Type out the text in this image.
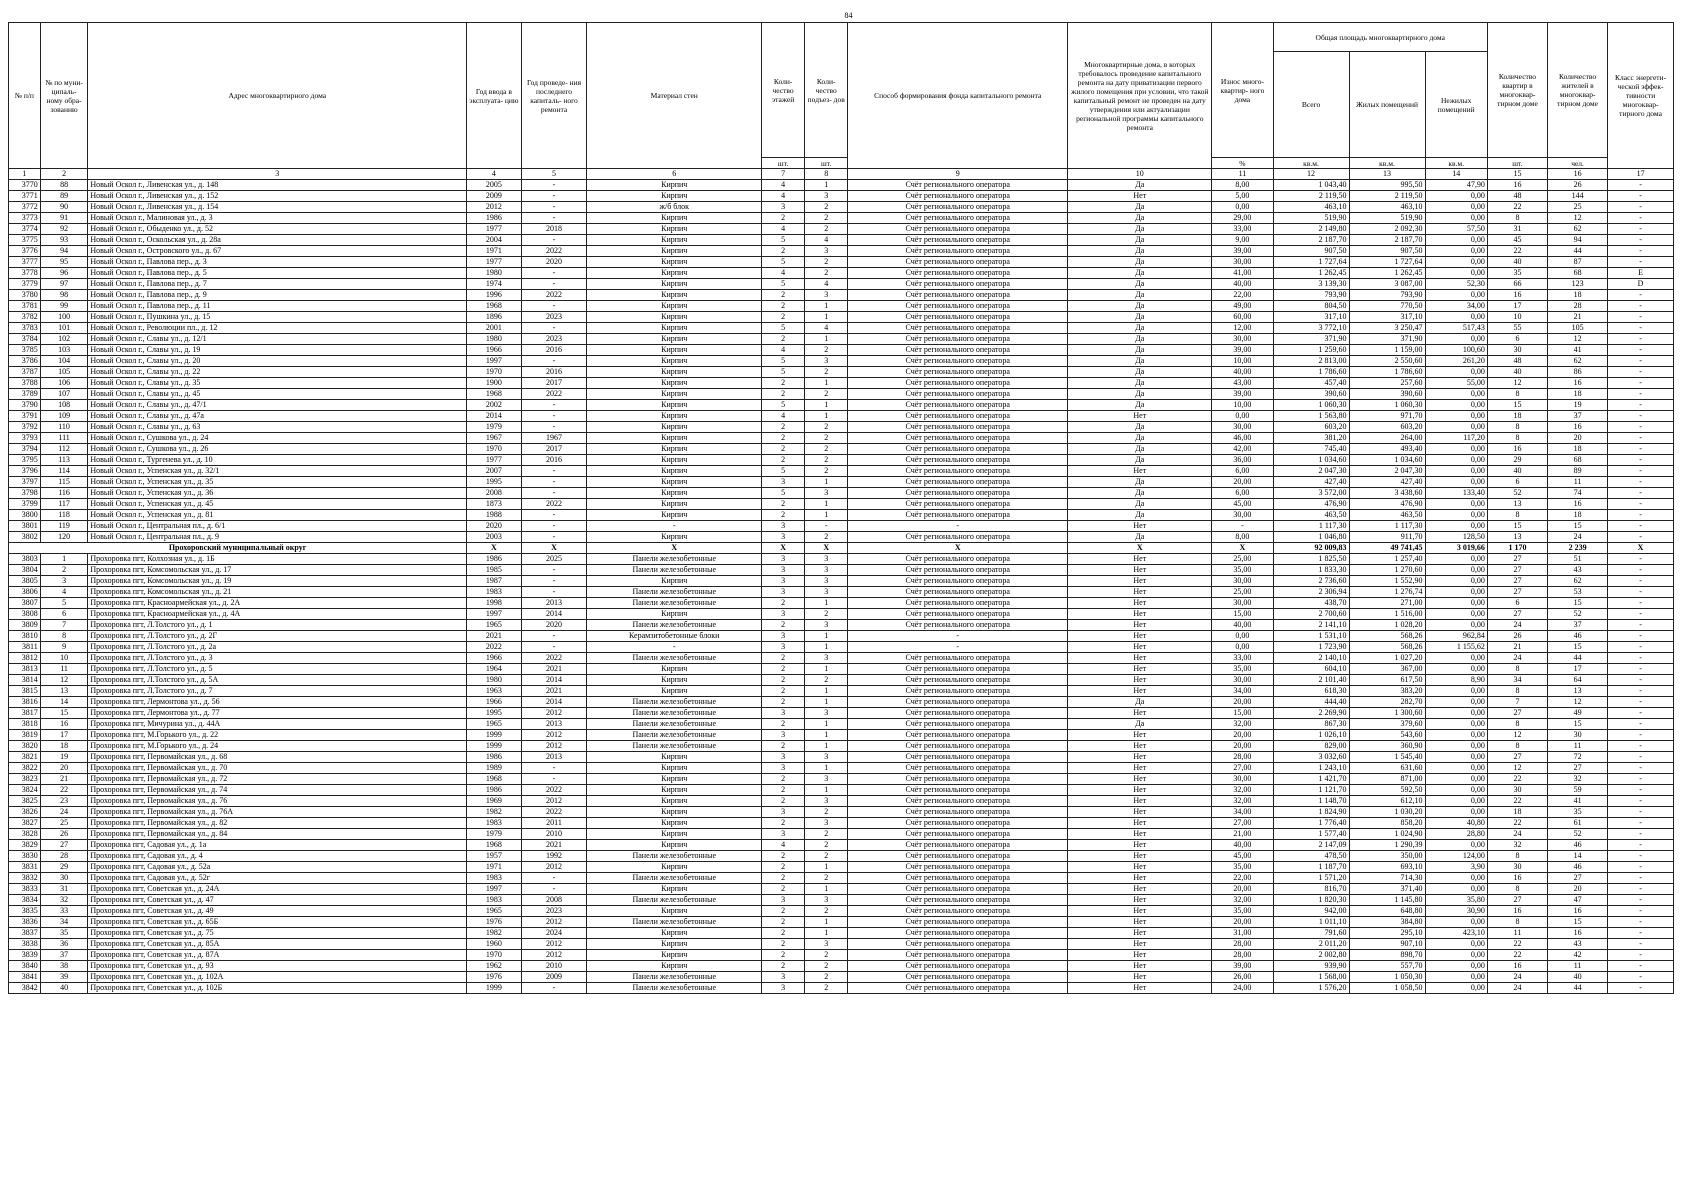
84
№ п/п	№ по муни- ципаль- ному обра- зованию	Адрес многоквартирного дома	Год ввода в эксплуата- цию	Год проведе- ния последнего капиталь- ного ремонта	Материал стен	Коли- чество этажей	Коли- чество подъез- дов	Способ формирования фонда капитального ремонта	Многоквартирные дома, в которых требовалось проведение капитального ремонта на дату приватизации первого жилого помещения при условии, что такой капитальный ремонт не проведен на дату утверждения или актуализации региональной программы капитального ремонта	Износ много- квартир- ного дома	Общая площадь многоквартирного дома			Количество квартир в многоквар- тирном доме	Количество жителей в многоквар- тирном доме	Класс энергети- ческой эффек- тивности многоквар- тирного дома
											Всего	Жилых помещений	Нежилых помещений			
						шт.	шт.			%	кв.м.	кв.м.	кв.м.	шт.	чел.	
1	2	3	4	5	6	7	8	9	10	11	12	13	14	15	16	17
3770	88	Новый Оскол г., Ливенская ул., д. 148	2005	-	Кирпич	4	1	Счёт регионального оператора	Да	8,00	1 043,40	995,50	47,90	16	26	-
3771	89	Новый Оскол г., Ливенская ул., д. 152	2009	-	Кирпич	4	3	Счёт регионального оператора	Нет	5,00	2 119,50	2 119,50	0,00	48	144	-
3772	90	Новый Оскол г., Ливенская ул., д. 154	2012	-	ж/б блок	3	2	Счёт регионального оператора	Да	0,00	463,10	463,10	0,00	22	25	-
3773	91	Новый Оскол г., Малиновая ул., д. 3	1986	-	Кирпич	2	2	Счёт регионального оператора	Да	29,00	519,90	519,90	0,00	8	12	-
3774	92	Новый Оскол г., Обыденко ул., д. 52	1977	2018	Кирпич	4	2	Счёт регионального оператора	Да	33,00	2 149,80	2 092,30	57,50	31	62	-
3775	93	Новый Оскол г., Оскольская ул., д. 28а	2004	-	Кирпич	5	4	Счёт регионального оператора	Да	9,00	2 187,70	2 187,70	0,00	45	94	-
3776	94	Новый Оскол г., Островского ул., д. 67	1971	2022	Кирпич	2	3	Счёт регионального оператора	Да	39,00	907,50	907,50	0,00	22	44	-
3777	95	Новый Оскол г., Павлова пер., д. 3	1977	2020	Кирпич	5	2	Счёт регионального оператора	Да	30,00	1 727,64	1 727,64	0,00	40	87	-
3778	96	Новый Оскол г., Павлова пер., д. 5	1980	-	Кирпич	4	2	Счёт регионального оператора	Да	41,00	1 262,45	1 262,45	0,00	35	68	E
3779	97	Новый Оскол г., Павлова пер., д. 7	1974	-	Кирпич	5	4	Счёт регионального оператора	Да	40,00	3 139,30	3 087,00	52,30	66	123	D
3780	98	Новый Оскол г., Павлова пер., д. 9	1996	2022	Кирпич	2	3	Счёт регионального оператора	Да	22,00	793,90	793,90	0,00	16	18	-
3781	99	Новый Оскол г., Павлова пер., д. 11	1968	-	Кирпич	2	1	Счёт регионального оператора	Да	49,00	804,50	770,50	34,00	17	28	-
3782	100	Новый Оскол г., Пушкина ул., д. 15	1896	2023	Кирпич	2	1	Счёт регионального оператора	Да	60,00	317,10	317,10	0,00	10	21	-
3783	101	Новый Оскол г., Революции пл., д. 12	2001	-	Кирпич	5	4	Счёт регионального оператора	Да	12,00	3 772,10	3 250,47	517,43	55	105	-
3784	102	Новый Оскол г., Славы ул., д. 12/1	1980	2023	Кирпич	2	1	Счёт регионального оператора	Да	30,00	371,90	371,90	0,00	6	12	-
3785	103	Новый Оскол г., Славы ул., д. 19	1966	2016	Кирпич	4	2	Счёт регионального оператора	Да	39,00	1 259,60	1 159,00	100,60	30	41	-
3786	104	Новый Оскол г., Славы ул., д. 20	1997	-	Кирпич	5	3	Счёт регионального оператора	Да	10,00	2 813,00	2 550,60	261,20	48	62	-
3787	105	Новый Оскол г., Славы ул., д. 22	1970	2016	Кирпич	5	2	Счёт регионального оператора	Да	40,00	1 786,60	1 786,60	0,00	40	86	-
3788	106	Новый Оскол г., Славы ул., д. 35	1900	2017	Кирпич	2	1	Счёт регионального оператора	Да	43,00	457,40	257,60	55,00	12	16	-
3789	107	Новый Оскол г., Славы ул., д. 45	1968	2022	Кирпич	2	2	Счёт регионального оператора	Да	39,00	390,60	390,60	0,00	8	18	-
3790	108	Новый Оскол г., Славы ул., д. 47/1	2002	-	Кирпич	5	1	Счёт регионального оператора	Да	10,00	1 060,30	1 060,30	0,00	15	19	-
3791	109	Новый Оскол г., Славы ул., д. 47а	2014	-	Кирпич	4	1	Счёт регионального оператора	Нет	0,00	1 563,80	971,70	0,00	18	37	-
3792	110	Новый Оскол г., Славы ул., д. 63	1979	-	Кирпич	2	2	Счёт регионального оператора	Да	30,00	603,20	603,20	0,00	8	16	-
3793	111	Новый Оскол г., Сушкова ул., д. 24	1967	1967	Кирпич	2	2	Счёт регионального оператора	Да	46,00	381,20	264,00	117,20	8	20	-
3794	112	Новый Оскол г., Сушкова ул., д. 26	1970	2017	Кирпич	2	2	Счёт регионального оператора	Да	42,00	745,40	493,40	0,00	16	18	-
3795	113	Новый Оскол г., Тургенева ул., д. 10	1977	2016	Кирпич	2	2	Счёт регионального оператора	Да	36,00	1 034,60	1 034,60	0,00	29	68	-
3796	114	Новый Оскол г., Успенская ул., д. 32/1	2007	-	Кирпич	5	2	Счёт регионального оператора	Нет	6,00	2 047,30	2 047,30	0,00	40	89	-
3797	115	Новый Оскол г., Успенская ул., д. 35	1995	-	Кирпич	3	1	Счёт регионального оператора	Да	20,00	427,40	427,40	0,00	6	11	-
3798	116	Новый Оскол г., Успенская ул., д. 36	2008	-	Кирпич	5	3	Счёт регионального оператора	Да	6,00	3 572,00	3 438,60	133,40	52	74	-
3799	117	Новый Оскол г., Успенская ул., д. 45	1873	2022	Кирпич	2	1	Счёт регионального оператора	Да	45,00	476,90	476,90	0,00	13	16	-
3800	118	Новый Оскол г., Успенская ул., д. 81	1988	-	Кирпич	2	1	Счёт регионального оператора	Да	30,00	463,50	463,50	0,00	8	18	-
3801	119	Новый Оскол г., Центральная пл., д. 6/1	2020	-	-	3	-	-	Нет	-	1 117,30	1 117,30	0,00	15	15	-
3802	120	Новый Оскол г., Центральная пл., д. 9	2003	-	Кирпич	3	2	Счёт регионального оператора	Да	8,00	1 046,80	911,70	128,50	13	24	-
Прохоровский муниципальный округ			X	X	X	X	X	X	X	X	92 009,83	49 741,45	3 019,66	1 170	2 239	X
3803	1	Прохоровка пгт, Колхозная ул., д. 1Б	1986	2025	Панели железобетонные	3	3	Счёт регионального оператора	Нет	25,00	1 825,50	1 257,40	0,00	27	51	-
3804	2	Прохоровка пгт, Комсомольская ул., д. 17	1985	-	Панели железобетонные	3	3	Счёт регионального оператора	Нет	35,00	1 833,30	1 270,60	0,00	27	43	-
3805	3	Прохоровка пгт, Комсомольская ул., д. 19	1987	-	Кирпич	3	3	Счёт регионального оператора	Нет	30,00	2 736,60	1 552,90	0,00	27	62	-
3806	4	Прохоровка пгт, Комсомольская ул., д. 21	1983	-	Панели железобетонные	3	3	Счёт регионального оператора	Нет	25,00	2 306,94	1 276,74	0,00	27	53	-
3807	5	Прохоровка пгт, Красноармейская ул., д. 2А	1998	2013	Панели железобетонные	2	1	Счёт регионального оператора	Нет	30,00	438,70	271,00	0,00	6	15	-
3808	6	Прохоровка пгт, Красноармейская ул., д. 4А	1997	2014	Кирпич	3	2	Счёт регионального оператора	Нет	15,00	2 700,60	1 516,00	0,00	27	52	-
3809	7	Прохоровка пгт, Л.Толстого ул., д. 1	1965	2020	Панели железобетонные	2	3	Счёт регионального оператора	Нет	40,00	2 141,10	1 028,20	0,00	24	37	-
3810	8	Прохоровка пгт, Л.Толстого ул., д. 2Г	2021	-	Керамзитобетонные блоки	3	1	-	Нет	0,00	1 531,10	568,26	962,84	26	46	-
3811	9	Прохоровка пгт, Л.Толстого ул., д. 2а	2022	-	-	3	1	-	Нет	0,00	1 723,90	568,26	1 155,62	21	15	-
3812	10	Прохоровка пгт, Л.Толстого ул., д. 3	1966	2022	Панели железобетонные	2	3	Счёт регионального оператора	Нет	33,00	2 140,10	1 027,20	0,00	24	44	-
3813	11	Прохоровка пгт, Л.Толстого ул., д. 5	1964	2021	Кирпич	2	1	Счёт регионального оператора	Нет	35,00	604,10	367,00	0,00	8	17	-
3814	12	Прохоровка пгт, Л.Толстого ул., д. 5А	1980	2014	Кирпич	2	2	Счёт регионального оператора	Нет	30,00	2 101,40	617,50	8,90	34	64	-
3815	13	Прохоровка пгт, Л.Толстого ул., д. 7	1963	2021	Кирпич	2	1	Счёт регионального оператора	Нет	34,00	618,30	383,20	0,00	8	13	-
3816	14	Прохоровка пгт, Лермонтова ул., д. 56	1966	2014	Панели железобетонные	2	1	Счёт регионального оператора	Да	20,00	444,40	282,70	0,00	7	12	-
3817	15	Прохоровка пгт, Лермонтова ул., д. 77	1995	2012	Панели железобетонные	3	3	Счёт регионального оператора	Нет	15,00	2 269,90	1 300,60	0,00	27	49	-
3818	16	Прохоровка пгт, Мичурина ул., д. 44А	1965	2013	Панели железобетонные	2	1	Счёт регионального оператора	Да	32,00	867,30	379,60	0,00	8	15	-
3819	17	Прохоровка пгт, М.Горького ул., д. 22	1999	2012	Панели железобетонные	3	1	Счёт регионального оператора	Нет	20,00	1 026,10	543,60	0,00	12	30	-
3820	18	Прохоровка пгт, М.Горького ул., д. 24	1999	2012	Панели железобетонные	2	1	Счёт регионального оператора	Нет	20,00	829,00	360,90	0,00	8	11	-
3821	19	Прохоровка пгт, Первомайская ул., д. 68	1986	2013	Кирпич	3	3	Счёт регионального оператора	Нет	28,00	3 032,60	1 545,40	0,00	27	72	-
3822	20	Прохоровка пгт, Первомайская ул., д. 70	1989	-	Кирпич	3	1	Счёт регионального оператора	Нет	27,00	1 243,10	631,60	0,00	12	27	-
3823	21	Прохоровка пгт, Первомайская ул., д. 72	1968	-	Кирпич	2	3	Счёт регионального оператора	Нет	30,00	1 421,70	871,00	0,00	22	32	-
3824	22	Прохоровка пгт, Первомайская ул., д. 74	1986	2022	Кирпич	2	1	Счёт регионального оператора	Нет	32,00	1 121,70	592,50	0,00	30	59	-
3825	23	Прохоровка пгт, Первомайская ул., д. 76	1969	2012	Кирпич	2	3	Счёт регионального оператора	Нет	32,00	1 148,70	612,10	0,00	22	41	-
3826	24	Прохоровка пгт, Первомайская ул., д. 76А	1982	2022	Кирпич	3	2	Счёт регионального оператора	Нет	34,00	1 824,90	1 030,20	0,00	18	35	-
3827	25	Прохоровка пгт, Первомайская ул., д. 82	1983	2011	Кирпич	2	3	Счёт регионального оператора	Нет	27,00	1 776,40	858,20	40,80	22	61	-
3828	26	Прохоровка пгт, Первомайская ул., д. 84	1979	2010	Кирпич	3	2	Счёт регионального оператора	Нет	21,00	1 577,40	1 024,90	28,80	24	52	-
3829	27	Прохоровка пгт, Садовая ул., д. 1а	1968	2021	Кирпич	4	2	Счёт регионального оператора	Нет	40,00	2 147,09	1 290,39	0,00	32	46	-
3830	28	Прохоровка пгт, Садовая ул., д. 4	1957	1992	Панели железобетонные	2	2	Счёт регионального оператора	Нет	45,00	478,50	350,00	124,00	8	14	-
3831	29	Прохоровка пгт, Садовая ул., д. 52а	1971	2012	Кирпич	2	1	Счёт регионального оператора	Нет	35,00	1 187,70	693,10	3,90	30	46	-
3832	30	Прохоровка пгт, Садовая ул., д. 52г	1983	-	Панели железобетонные	2	2	Счёт регионального оператора	Нет	22,00	1 571,20	714,30	0,00	16	27	-
3833	31	Прохоровка пгт, Советская ул., д. 24А	1997	-	Кирпич	2	1	Счёт регионального оператора	Нет	20,00	816,70	371,40	0,00	8	20	-
3834	32	Прохоровка пгт, Советская ул., д. 47	1983	2008	Панели железобетонные	3	3	Счёт регионального оператора	Нет	32,00	1 820,30	1 145,80	35,80	27	47	-
3835	33	Прохоровка пгт, Советская ул., д. 49	1965	2023	Кирпич	2	2	Счёт регионального оператора	Нет	35,00	942,00	648,80	30,90	16	16	-
3836	34	Прохоровка пгт, Советская ул., д. 65Б	1976	2012	Панели железобетонные	2	1	Счёт регионального оператора	Нет	20,00	1 011,10	384,80	0,00	8	15	-
3837	35	Прохоровка пгт, Советская ул., д. 75	1982	2024	Кирпич	2	1	Счёт регионального оператора	Нет	31,00	791,60	295,10	423,10	11	16	-
3838	36	Прохоровка пгт, Советская ул., д. 85А	1960	2012	Кирпич	2	3	Счёт регионального оператора	Нет	28,00	2 011,20	907,10	0,00	22	43	-
3839	37	Прохоровка пгт, Советская ул., д. 87А	1970	2012	Кирпич	2	2	Счёт регионального оператора	Нет	28,00	2 002,80	898,70	0,00	22	42	-
3840	38	Прохоровка пгт, Советская ул., д. 93	1962	2010	Кирпич	2	2	Счёт регионального оператора	Нет	39,00	939,90	557,70	0,00	16	11	-
3841	39	Прохоровка пгт, Советская ул., д. 102А	1976	2009	Панели железобетонные	3	2	Счёт регионального оператора	Нет	26,00	1 568,00	1 050,30	0,00	24	40	-
3842	40	Прохоровка пгт, Советская ул., д. 102Б	1999	-	Панели железобетонные	3	2	Счёт регионального оператора	Нет	24,00	1 576,20	1 058,50	0,00	24	44	-
